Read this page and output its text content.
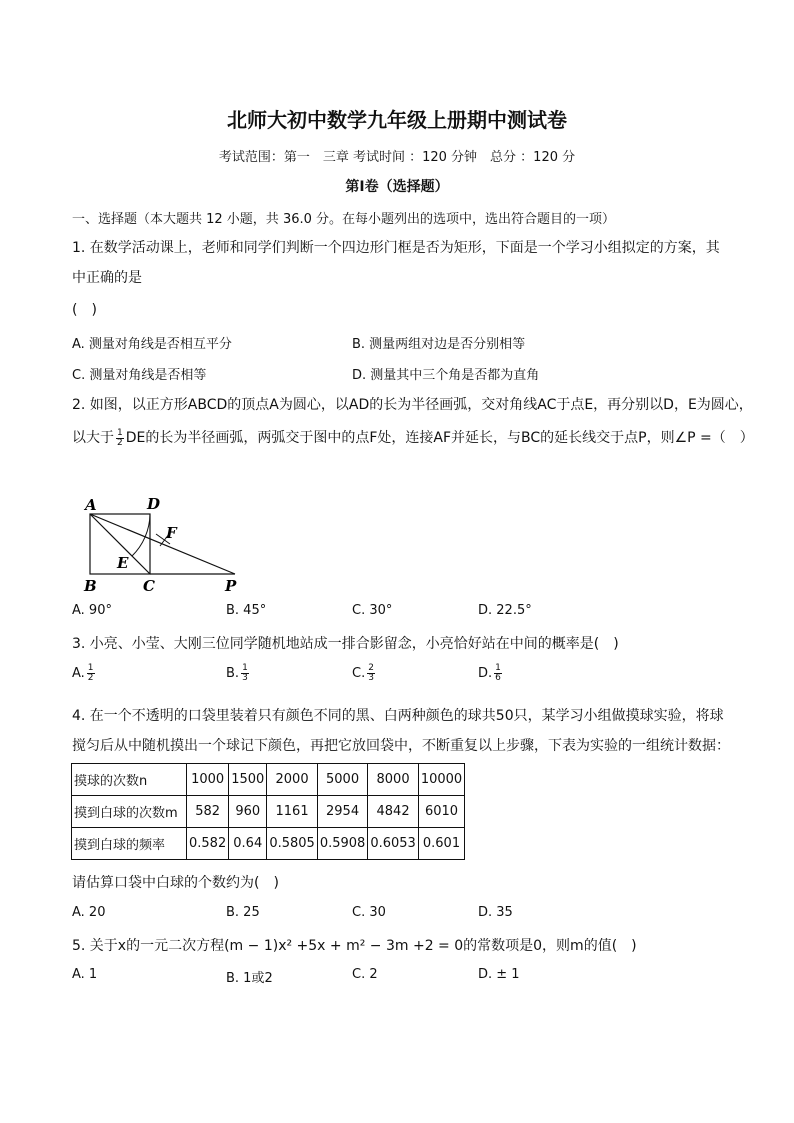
北师大初中数学九年级上册期中测试卷
考试范围：第一　三章 考试时间 ：120 分钟　总分 ：120 分
第Ⅰ卷（选择题）
一、选择题（本大题共 12 小题，共 36.0 分。在每小题列出的选项中，选出符合题目的一项）
1. 在数学活动课上，老师和同学们判断一个四边形门框是否为矩形，下面是一个学习小组拟定的方案，其
中正确的是
(　)
A. 测量对角线是否相互平分	B. 测量两组对边是否分别相等
C. 测量对角线是否相等	D. 测量其中三个角是否都为直角
2. 如图，以正方形ABCD的顶点A为圆心，以AD的长为半径画弧，交对角线AC于点E，再分别以D，E为圆心，
以大于 $\frac{1}{2}$ DE的长为半径画弧，两弧交于图中的点F处，连接AF并延长，与BC的延长线交于点P，则∠P =（　）
A	D
F
E
B	C	P
A. 90°	B. 45°	C. 30°	D. 22.5°
3. 小亮、小莹、大刚三位同学随机地站成一排合影留念，小亮恰好站在中间的概率是(　)
A. $\frac{1}{2}$	B. $\frac{1}{3}$	C. $\frac{2}{3}$	D. $\frac{1}{6}$
4. 在一个不透明的口袋里装着只有颜色不同的黑、白两种颜色的球共50只，某学习小组做摸球实验，将球
搅匀后从中随机摸出一个球记下颜色，再把它放回袋中，不断重复以上步骤，下表为实验的一组统计数据：
摸球的次数n	1000	1500	2000	5000	8000	10000
摸到白球的次数m	582	960	1161	2954	4842	6010
摸到白球的频率	0.582	0.64	0.5805	0.5908	0.6053	0.601
请估算口袋中白球的个数约为(　)
A. 20	B. 25	C. 30	D. 35
5. 关于x的一元二次方程(m − 1)x² +5x + m² − 3m +2 = 0的常数项是0，则m的值(　)
A. 1	B. 1或2	C. 2	D. ± 1
